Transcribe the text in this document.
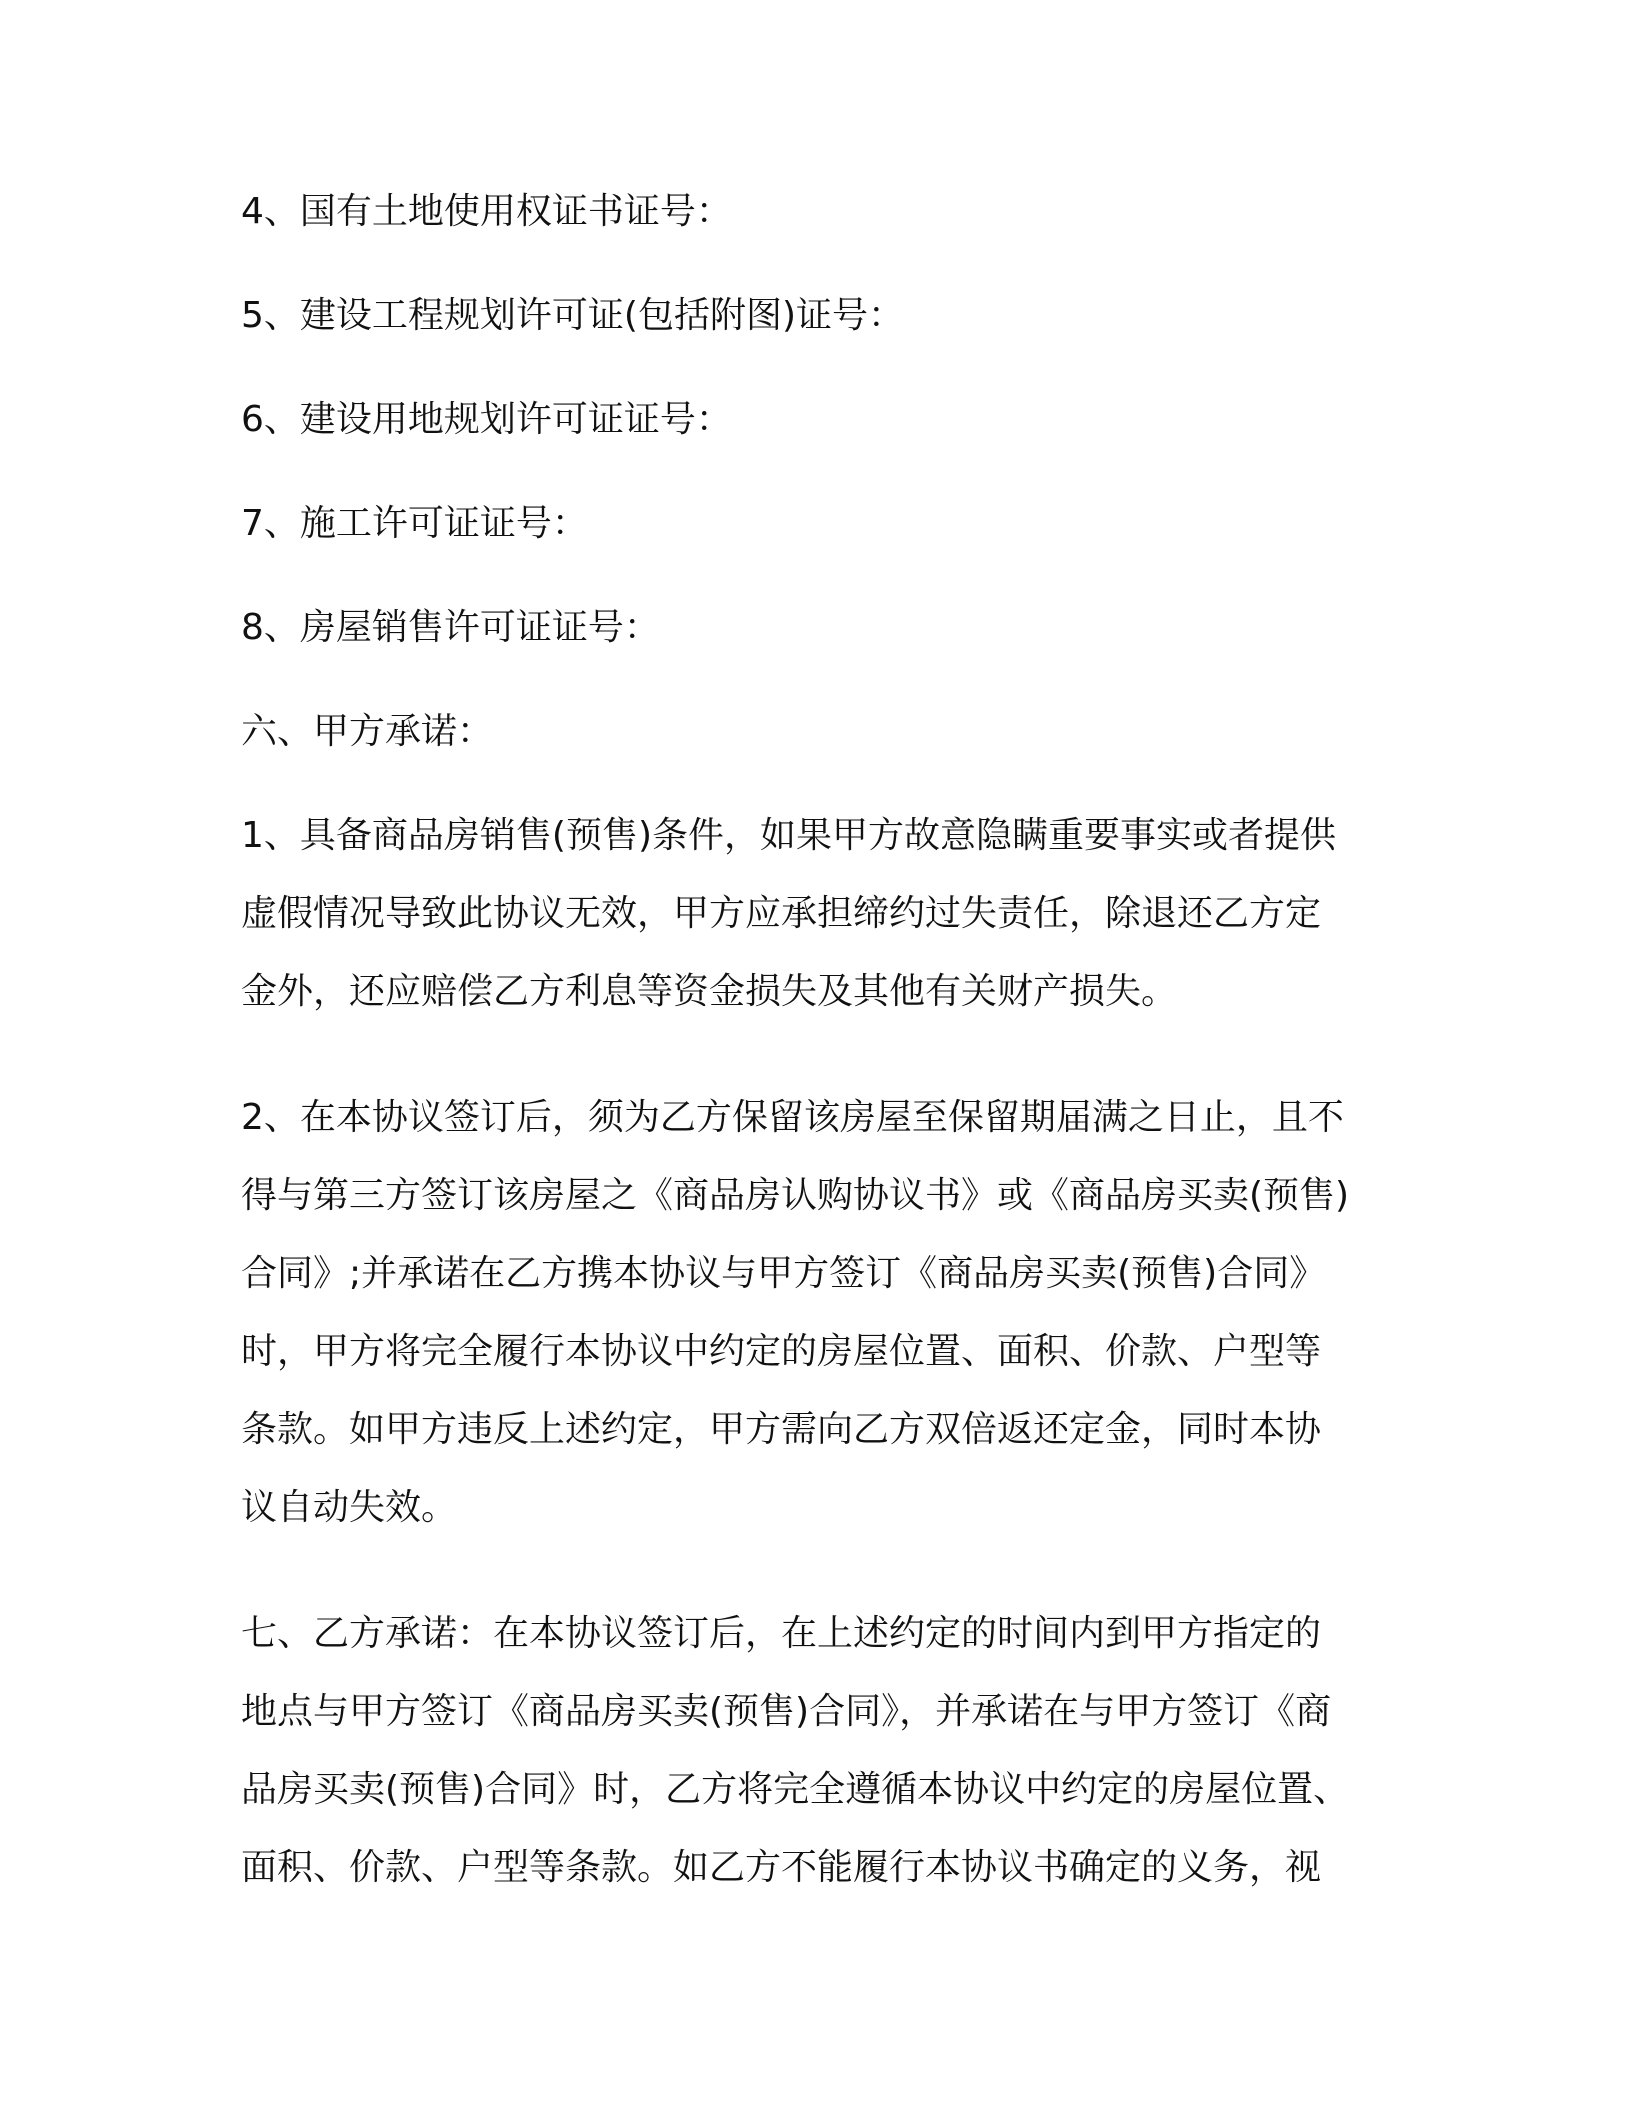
4、国有土地使用权证书证号：

5、建设工程规划许可证(包括附图)证号：

6、建设用地规划许可证证号：

7、施工许可证证号：

8、房屋销售许可证证号：

六、甲方承诺：

1、具备商品房销售(预售)条件，如果甲方故意隐瞒重要事实或者提供
虚假情况导致此协议无效，甲方应承担缔约过失责任，除退还乙方定
金外，还应赔偿乙方利息等资金损失及其他有关财产损失。
2、在本协议签订后，须为乙方保留该房屋至保留期届满之日止，且不
得与第三方签订该房屋之《商品房认购协议书》或《商品房买卖(预售)
合同》;并承诺在乙方携本协议与甲方签订《商品房买卖(预售)合同》
时，甲方将完全履行本协议中约定的房屋位置、面积、价款、户型等
条款。如甲方违反上述约定，甲方需向乙方双倍返还定金，同时本协
议自动失效。
七、乙方承诺：在本协议签订后，在上述约定的时间内到甲方指定的
地点与甲方签订《商品房买卖(预售)合同》，并承诺在与甲方签订《商
品房买卖(预售)合同》时，乙方将完全遵循本协议中约定的房屋位置、
面积、价款、户型等条款。如乙方不能履行本协议书确定的义务，视
